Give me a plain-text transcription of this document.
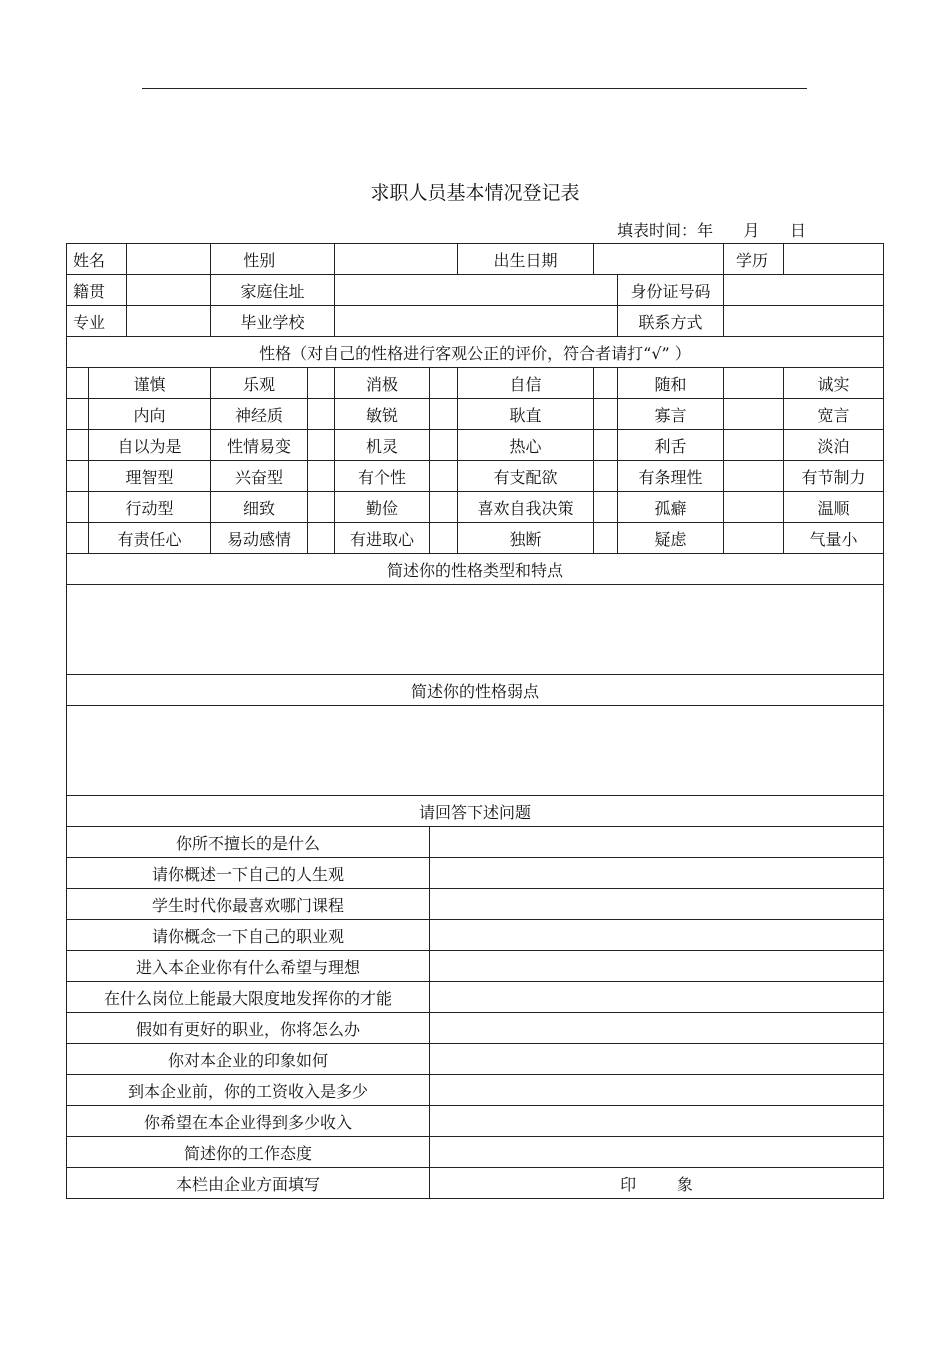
求职人员基本情况登记表
填表时间：年      月      日
姓名			性别				出生日期			学历	
籍贯			家庭住址						身份证号码		
专业			毕业学校						联系方式		
性格（对自己的性格进行客观公正的评价，符合者请打“√” ）											
	谨慎		乐观		消极		自信		随和		诚实
	内向		神经质		敏锐		耿直		寡言		宽言
	自以为是		性情易变		机灵		热心		利舌		淡泊
	理智型		兴奋型		有个性		有支配欲		有条理性		有节制力
	行动型		细致		勤俭		喜欢自我决策		孤癖		温顺
	有责任心		易动感情		有进取心		独断		疑虑		气量小
简述你的性格类型和特点											

简述你的性格弱点											

请回答下述问题											
你所不擅长的是什么											
请你概述一下自己的人生观											
学生时代你最喜欢哪门课程											
请你概念一下自己的职业观											
进入本企业你有什么希望与理想											
在什么岗位上能最大限度地发挥你的才能											
假如有更好的职业，你将怎么办											
你对本企业的印象如何											
到本企业前，你的工资收入是多少											
你希望在本企业得到多少收入											
简述你的工作态度											
本栏由企业方面填写						印        象					
